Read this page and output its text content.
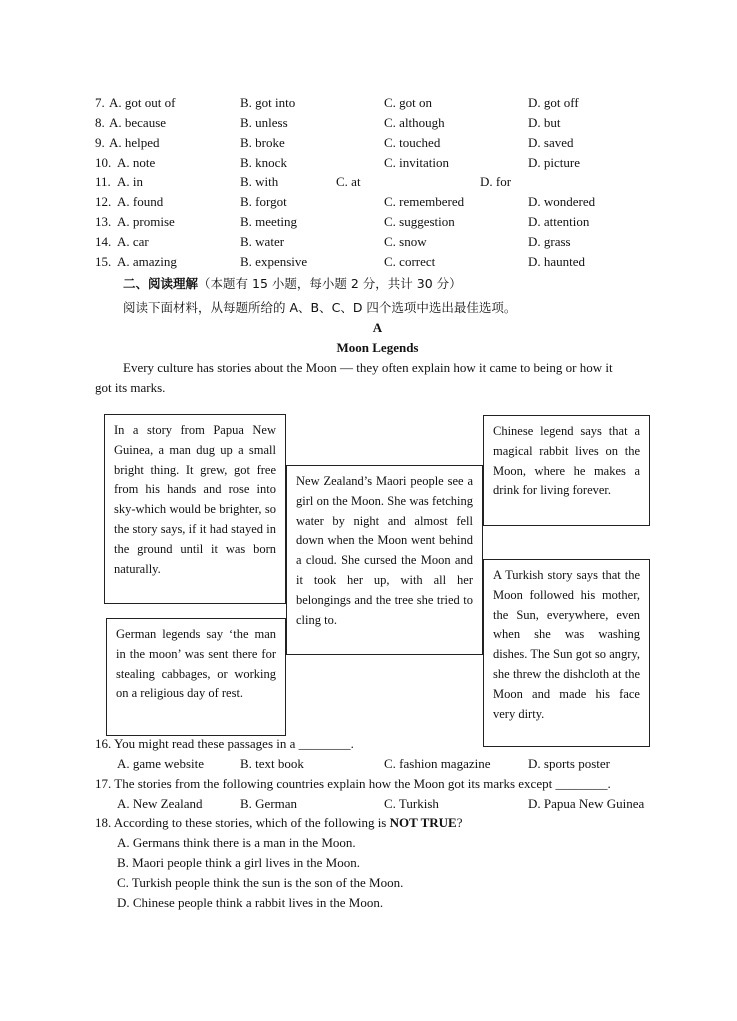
7. A. got out of	B. got into	C. got on	D. got off
8. A. because	B. unless	C. although	D. but
9. A. helped	B. broke	C. touched	D. saved
10. A. note	B. knock	C. invitation	D. picture
11. A. in	B. with	C. at	D. for
12. A. found	B. forgot	C. remembered	D. wondered
13. A. promise	B. meeting	C. suggestion	D. attention
14. A. car	B. water	C. snow	D. grass
15. A. amazing	B. expensive	C. correct	D. haunted
二、阅读理解（本题有 15 小题，每小题 2 分，共计 30 分）
阅读下面材料，从每题所给的 A、B、C、D 四个选项中选出最佳选项。
A
Moon Legends
Every culture has stories about the Moon — they often explain how it came to being or how it
got its marks.
In a story from Papua New Guinea, a man dug up a small bright thing. It grew, got free from his hands and rose into sky-which would be brighter, so the story says, if it had stayed in the ground until it was born naturally.
New Zealand’s Maori people see a girl on the Moon. She was fetching water by night and almost fell down when the Moon went behind a cloud. She cursed the Moon and it took her up, with all her belongings and the tree she tried to cling to.
Chinese legend says that a magical rabbit lives on the Moon, where he makes a drink for living forever.
A Turkish story says that the Moon followed his mother, the Sun, everywhere, even when she was washing dishes. The Sun got so angry, she threw the dishcloth at the Moon and made his face very dirty.
German legends say ‘the man in the moon’ was sent there for stealing cabbages, or working on a religious day of rest.
16. You might read these passages in a ________.
A. game website	B. text book	C. fashion magazine	D. sports poster
17. The stories from the following countries explain how the Moon got its marks except ________.
A. New Zealand	B. German	C. Turkish	D. Papua New Guinea
18. According to these stories, which of the following is NOT TRUE?
A. Germans think there is a man in the Moon.
B. Maori people think a girl lives in the Moon.
C. Turkish people think the sun is the son of the Moon.
D. Chinese people think a rabbit lives in the Moon.
